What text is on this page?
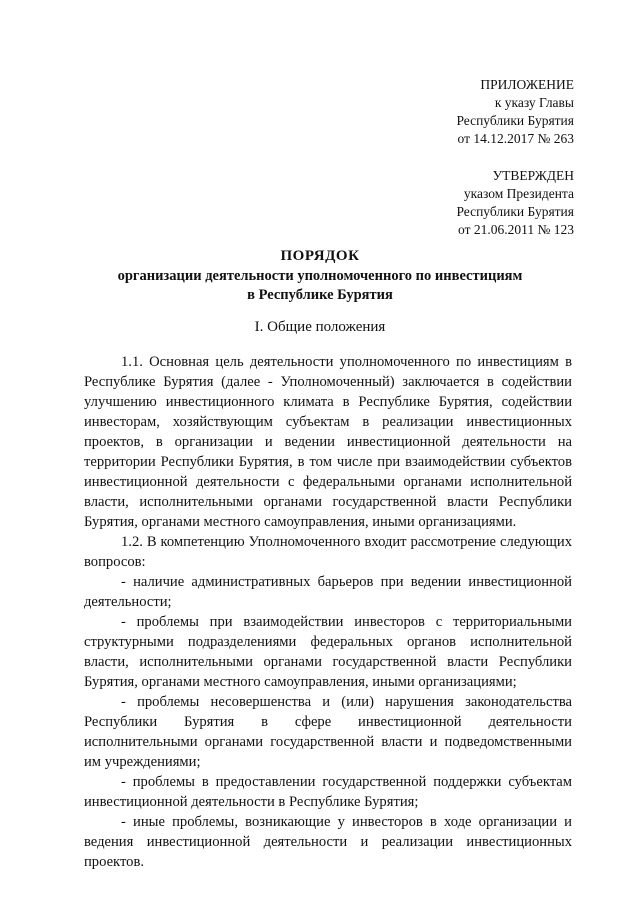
ПРИЛОЖЕНИЕ
к указу Главы
Республики Бурятия
от 14.12.2017 № 263
УТВЕРЖДЕН
указом Президента
Республики Бурятия
от 21.06.2011 № 123
ПОРЯДОК
организации деятельности уполномоченного по инвестициям
в Республике Бурятия
I. Общие положения

1.1. Основная цель деятельности уполномоченного по инвестициям в Республике Бурятия (далее - Уполномоченный) заключается в содействии улучшению инвестиционного климата в Республике Бурятия, содействии инвесторам, хозяйствующим субъектам в реализации инвестиционных проектов, в организации и ведении инвестиционной деятельности на территории Республики Бурятия, в том числе при взаимодействии субъектов инвестиционной деятельности с федеральными органами исполнительной власти, исполнительными органами государственной власти Республики Бурятия, органами местного самоуправления, иными организациями.

1.2. В компетенцию Уполномоченного входит рассмотрение следующих вопросов:

- наличие административных барьеров при ведении инвестиционной деятельности;

- проблемы при взаимодействии инвесторов с территориальными структурными подразделениями федеральных органов исполнительной власти, исполнительными органами государственной власти Республики Бурятия, органами местного самоуправления, иными организациями;

- проблемы несовершенства и (или) нарушения законодательства Республики Бурятия в сфере инвестиционной деятельности исполнительными органами государственной власти и подведомственными им учреждениями;

- проблемы в предоставлении государственной поддержки субъектам инвестиционной деятельности в Республике Бурятия;

- иные проблемы, возникающие у инвесторов в ходе организации и ведения инвестиционной деятельности и реализации инвестиционных проектов.
